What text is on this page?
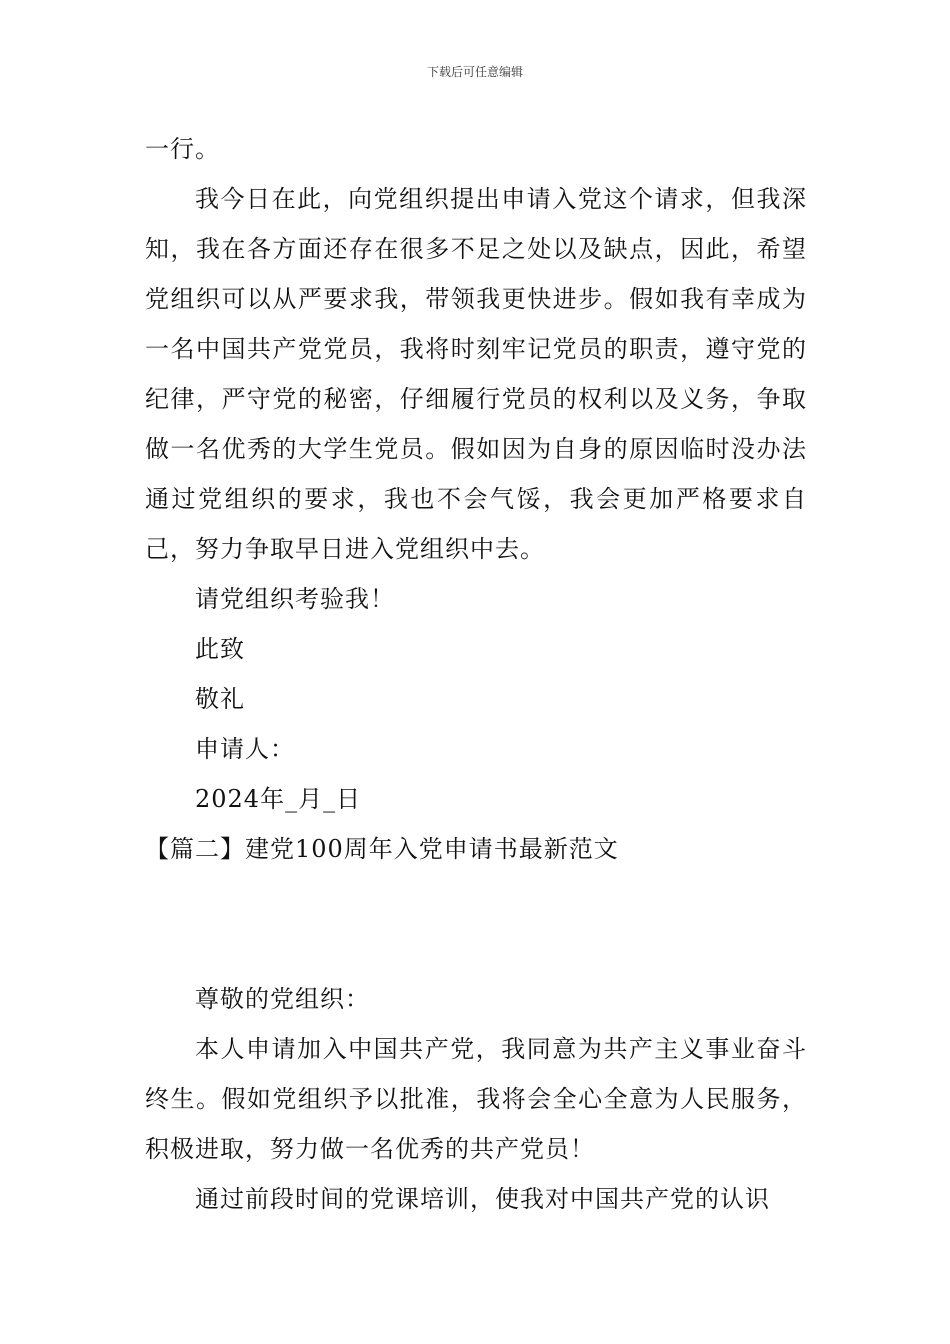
下载后可任意编辑

一行。

我今日在此，向党组织提出申请入党这个请求，但我深知，我在各方面还存在很多不足之处以及缺点，因此，希望党组织可以从严要求我，带领我更快进步。假如我有幸成为一名中国共产党党员，我将时刻牢记党员的职责，遵守党的纪律，严守党的秘密，仔细履行党员的权利以及义务，争取做一名优秀的大学生党员。假如因为自身的原因临时没办法通过党组织的要求，我也不会气馁，我会更加严格要求自己，努力争取早日进入党组织中去。

请党组织考验我！

此致

敬礼

申请人：

2024年_月_日

【篇二】建党100周年入党申请书最新范文

尊敬的党组织：

本人申请加入中国共产党，我同意为共产主义事业奋斗终生。假如党组织予以批准，我将会全心全意为人民服务，积极进取，努力做一名优秀的共产党员！

通过前段时间的党课培训，使我对中国共产党的认识
